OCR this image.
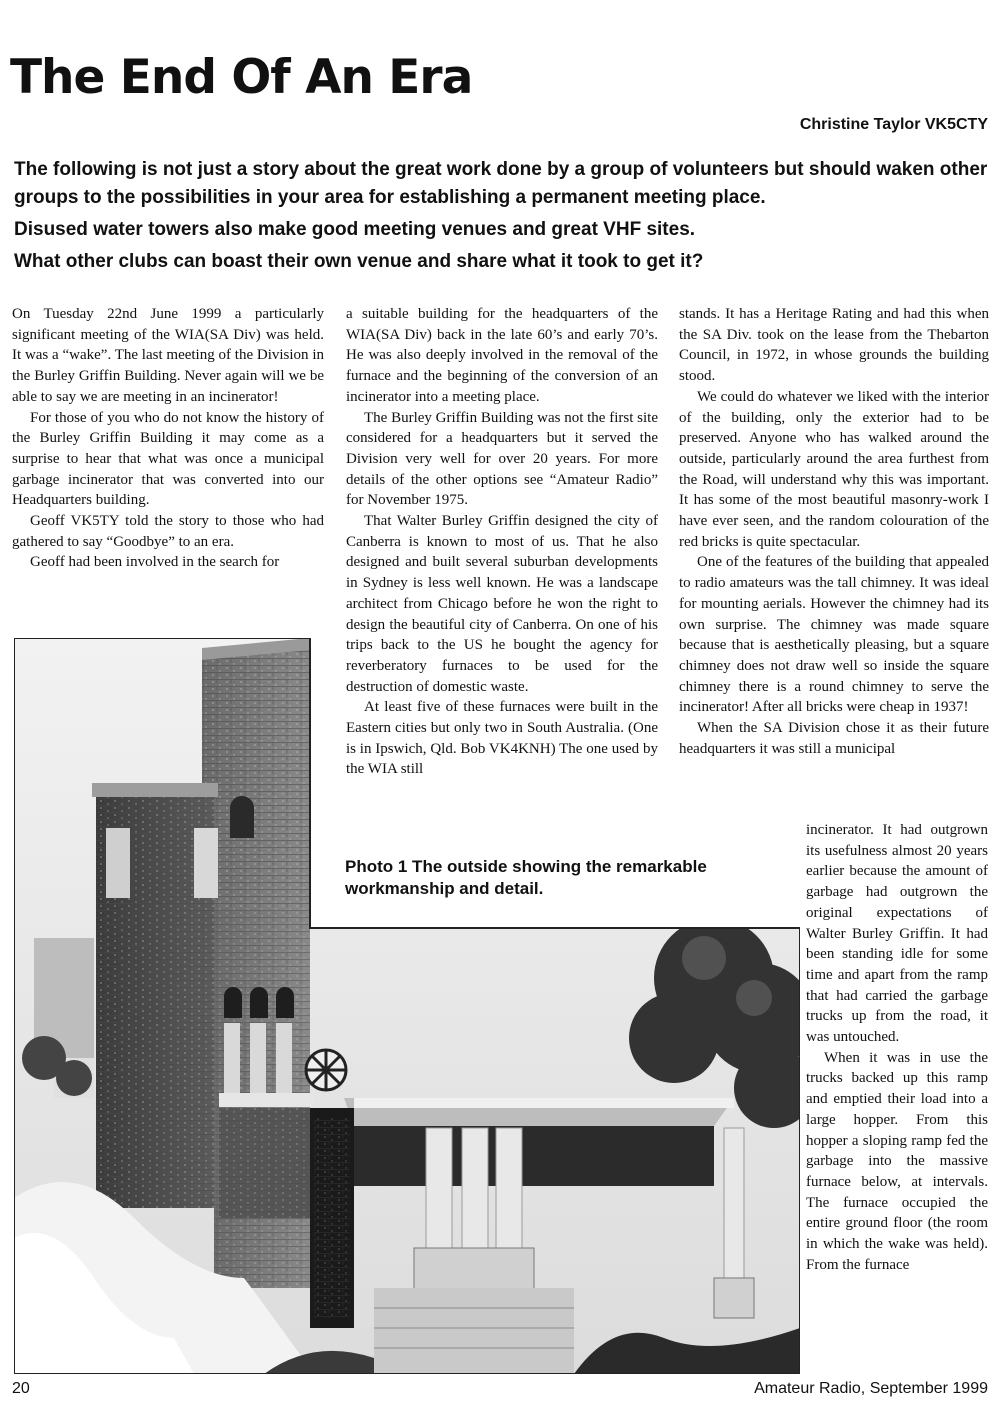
The End Of An Era
Christine Taylor VK5CTY

The following is not just a story about the great work done by a group of volunteers but should waken other groups to the possibilities in your area for establishing a permanent meeting place.

Disused water towers also make good meeting venues and great VHF sites.

What other clubs can boast their own venue and share what it took to get it?

On Tuesday 22nd June 1999 a particularly significant meeting of the WIA(SA Div) was held. It was a “wake”. The last meeting of the Division in the Burley Griffin Building. Never again will we be able to say we are meeting in an incinerator!

For those of you who do not know the history of the Burley Griffin Building it may come as a surprise to hear that what was once a municipal garbage incinerator that was converted into our Headquarters building.

Geoff VK5TY told the story to those who had gathered to say “Goodbye” to an era.

Geoff had been involved in the search for

a suitable building for the headquarters of the WIA(SA Div) back in the late 60’s and early 70’s. He was also deeply involved in the removal of the furnace and the beginning of the conversion of an incinerator into a meeting place.

The Burley Griffin Building was not the first site considered for a headquarters but it served the Division very well for over 20 years. For more details of the other options see “Amateur Radio” for November 1975.

That Walter Burley Griffin designed the city of Canberra is known to most of us. That he also designed and built several suburban developments in Sydney is less well known. He was a landscape architect from Chicago before he won the right to design the beautiful city of Canberra. On one of his trips back to the US he bought the agency for reverberatory furnaces to be used for the destruction of domestic waste.

At least five of these furnaces were built in the Eastern cities but only two in South Australia. (One is in Ipswich, Qld. Bob VK4KNH) The one used by the WIA still

stands. It has a Heritage Rating and had this when the SA Div. took on the lease from the Thebarton Council, in 1972, in whose grounds the building stood.

We could do whatever we liked with the interior of the building, only the exterior had to be preserved. Anyone who has walked around the outside, particularly around the area furthest from the Road, will understand why this was important. It has some of the most beautiful masonry-work I have ever seen, and the random colouration of the red bricks is quite spectacular.

One of the features of the building that appealed to radio amateurs was the tall chimney. It was ideal for mounting aerials. However the chimney had its own surprise. The chimney was made square because that is aesthetically pleasing, but a square chimney does not draw well so inside the square chimney there is a round chimney to serve the incinerator! After all bricks were cheap in 1937!

When the SA Division chose it as their future headquarters it was still a municipal

incinerator. It had outgrown its usefulness almost 20 years earlier because the amount of garbage had outgrown the original expectations of Walter Burley Griffin. It had been standing idle for some time and apart from the ramp that had carried the garbage trucks up from the road, it was untouched.

When it was in use the trucks backed up this ramp and emptied their load into a large hopper. From this hopper a sloping ramp fed the garbage into the massive furnace below, at intervals. The furnace occupied the entire ground floor (the room in which the wake was held). From the furnace

Photo 1 The outside showing the remarkable workmanship and detail.
20	Amateur Radio, September 1999
